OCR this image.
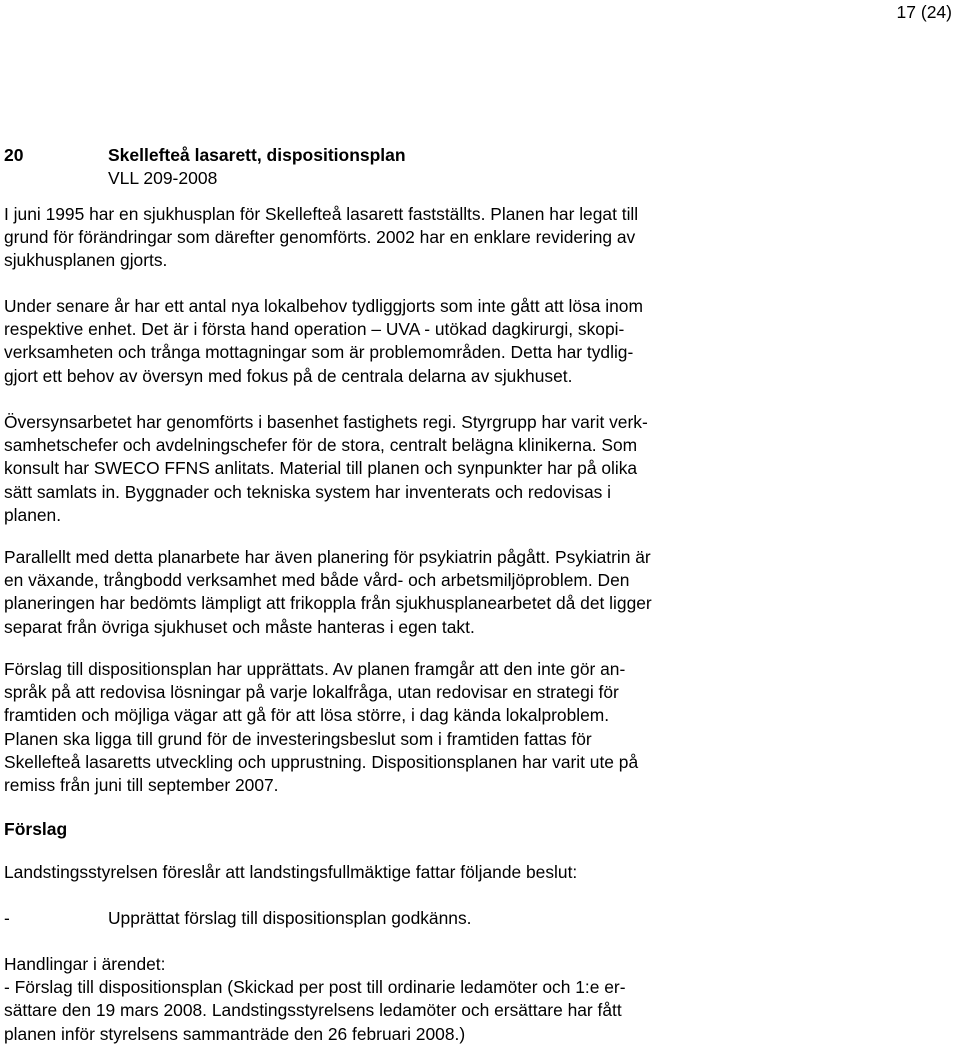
17 (24)
20	Skellefteå lasarett, dispositionsplan
VLL 209-2008
I juni 1995 har en sjukhusplan för Skellefteå lasarett fastställts. Planen har legat till
grund för förändringar som därefter genomförts. 2002 har en enklare revidering av
sjukhusplanen gjorts.
Under senare år har ett antal nya lokalbehov tydliggjorts som inte gått att lösa inom
respektive enhet. Det är i första hand operation – UVA - utökad dagkirurgi, skopi-
verksamheten och trånga mottagningar som är problemområden. Detta har tydlig-
gjort ett behov av översyn med fokus på de centrala delarna av sjukhuset.
Översynsarbetet har genomförts i basenhet fastighets regi. Styrgrupp har varit verk-
samhetschefer och avdelningschefer för de stora, centralt belägna klinikerna. Som
konsult har SWECO FFNS anlitats. Material till planen och synpunkter har på olika
sätt samlats in. Byggnader och tekniska system har inventerats och redovisas i
planen.
Parallellt med detta planarbete har även planering för psykiatrin pågått. Psykiatrin är
en växande, trångbodd verksamhet med både vård- och arbetsmiljöproblem. Den
planeringen har bedömts lämpligt att frikoppla från sjukhusplanearbetet då det ligger
separat från övriga sjukhuset och måste hanteras i egen takt.
Förslag till dispositionsplan har upprättats. Av planen framgår att den inte gör an-
språk på att redovisa lösningar på varje lokalfråga, utan redovisar en strategi för
framtiden och möjliga vägar att gå för att lösa större, i dag kända lokalproblem.
Planen ska ligga till grund för de investeringsbeslut som i framtiden fattas för
Skellefteå lasaretts utveckling och upprustning. Dispositionsplanen har varit ute på
remiss från juni till september 2007.
Förslag
Landstingsstyrelsen föreslår att landstingsfullmäktige fattar följande beslut:
-	Upprättat förslag till dispositionsplan godkänns.
Handlingar i ärendet:
- Förslag till dispositionsplan (Skickad per post till ordinarie ledamöter och 1:e er-
sättare den 19 mars 2008. Landstingsstyrelsens ledamöter och ersättare har fått
planen inför styrelsens sammanträde den 26 februari 2008.)
